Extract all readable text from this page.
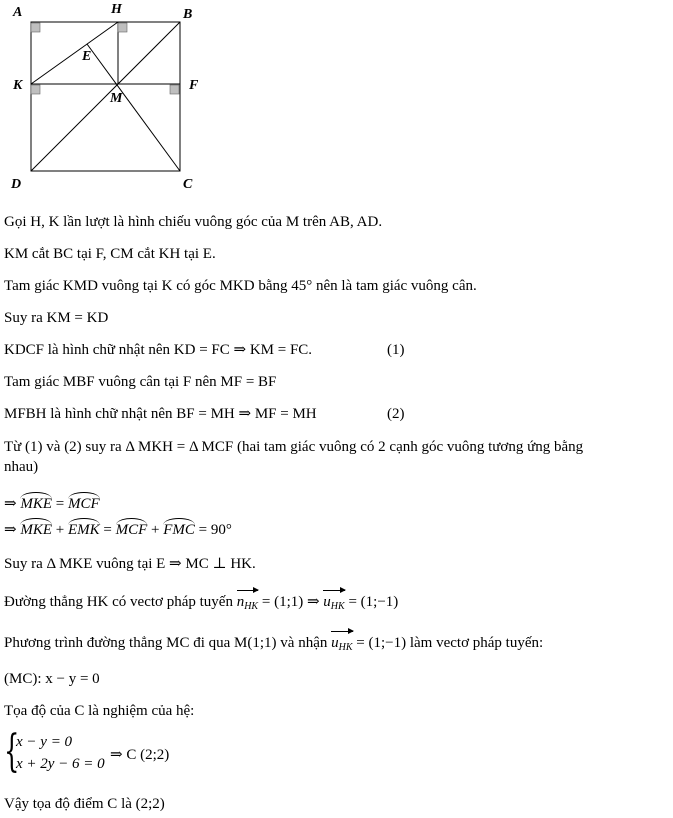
A	H	B
E
K	F
M
D	C
Gọi H, K lần lượt là hình chiếu vuông góc của M trên AB, AD.
KM cắt BC tại F, CM cắt KH tại E.
Tam giác KMD vuông tại K có góc MKD bằng 45° nên là tam giác vuông cân.
Suy ra KM = KD
KDCF là hình chữ nhật nên KD = FC ⇒ KM = FC.	(1)
Tam giác MBF vuông cân tại F nên MF = BF
MFBH là hình chữ nhật nên BF = MH ⇒ MF = MH	(2)
Từ (1) và (2) suy ra Δ MKH = Δ MCF (hai tam giác vuông có 2 cạnh góc vuông tương ứng bằng
nhau)
⇒ MKE = MCF
⇒ MKE + EMK = MCF + FMC = 90°
Suy ra Δ MKE vuông tại E ⇒ MC ⊥ HK.
Đường thẳng HK có vectơ pháp tuyến $n_{HK}$ = (1;1) ⇒ $u_{HK}$ = (1;−1)
Phương trình đường thẳng MC đi qua M(1;1) và nhận $u_{HK}$ = (1;−1) làm vectơ pháp tuyến:
(MC): x − y = 0
Tọa độ của C là nghiệm của hệ:
{
x − y = 0
x + 2y − 6 = 0
⇒ C (2;2)
Vậy tọa độ điểm C là (2;2)
